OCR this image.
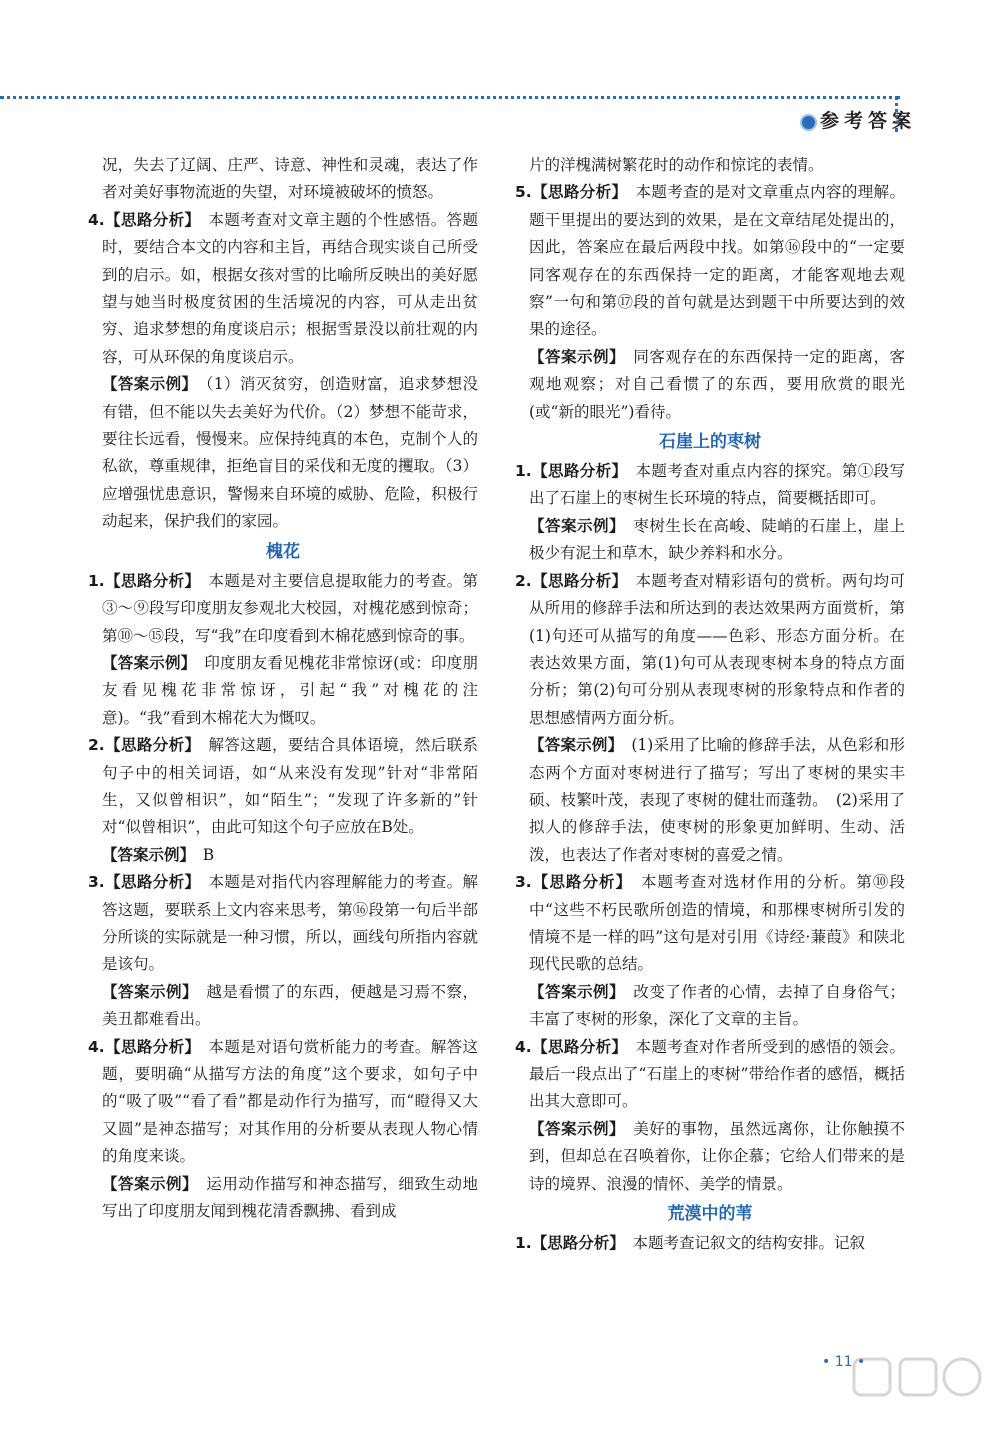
参考答案

况，失去了辽阔、庄严、诗意、神性和灵魂，表达了作者对美好事物流逝的失望，对环境被破坏的愤怒。

4.【思路分析】　 本题考查对文章主题的个性感悟。答题时，要结合本文的内容和主旨，再结合现实谈自己所受到的启示。如，根据女孩对雪的比喻所反映出的美好愿望与她当时极度贫困的生活境况的内容，可从走出贫穷、追求梦想的角度谈启示；根据雪景没以前壮观的内容，可从环保的角度谈启示。

【答案示例】　 （1）消灭贫穷，创造财富，追求梦想没有错，但不能以失去美好为代价。（2）梦想不能苛求，要往长远看，慢慢来。应保持纯真的本色，克制个人的私欲，尊重规律，拒绝盲目的采伐和无度的攫取。（3）应增强忧患意识，警惕来自环境的威胁、危险，积极行动起来，保护我们的家园。

槐花

1.【思路分析】　 本题是对主要信息提取能力的考查。第③～⑨段写印度朋友参观北大校园，对槐花感到惊奇；第⑩～⑮段，写“我”在印度看到木棉花感到惊奇的事。

【答案示例】　 印度朋友看见槐花非常惊讶(或：印度朋友看见槐花非常惊讶，引起“我”对槐花的注意)。“我”看到木棉花大为慨叹。

2.【思路分析】　 解答这题，要结合具体语境，然后联系句子中的相关词语，如“从来没有发现”针对“非常陌生，又似曾相识”，如“陌生”；“发现了许多新的”针对“似曾相识”，由此可知这个句子应放在B处。

【答案示例】　 B

3.【思路分析】　 本题是对指代内容理解能力的考查。解答这题，要联系上文内容来思考，第⑯段第一句后半部分所谈的实际就是一种习惯，所以，画线句所指内容就是该句。

【答案示例】　 越是看惯了的东西，便越是习焉不察，美丑都难看出。

4.【思路分析】　 本题是对语句赏析能力的考查。解答这题，要明确“从描写方法的角度”这个要求，如句子中的“吸了吸”“看了看”都是动作行为描写，而“瞪得又大又圆”是神态描写；对其作用的分析要从表现人物心情的角度来谈。

【答案示例】　 运用动作描写和神态描写，细致生动地写出了印度朋友闻到槐花清香飘拂、看到成

片的洋槐满树繁花时的动作和惊诧的表情。

5.【思路分析】　 本题考查的是对文章重点内容的理解。题干里提出的要达到的效果，是在文章结尾处提出的，因此，答案应在最后两段中找。如第⑯段中的“一定要同客观存在的东西保持一定的距离，才能客观地去观察”一句和第⑰段的首句就是达到题干中所要达到的效果的途径。

【答案示例】　 同客观存在的东西保持一定的距离，客观地观察；对自己看惯了的东西，要用欣赏的眼光(或“新的眼光”)看待。

石崖上的枣树

1.【思路分析】　 本题考查对重点内容的探究。第①段写出了石崖上的枣树生长环境的特点，简要概括即可。

【答案示例】　 枣树生长在高峻、陡峭的石崖上，崖上极少有泥土和草木，缺少养料和水分。

2.【思路分析】　 本题考查对精彩语句的赏析。两句均可从所用的修辞手法和所达到的表达效果两方面赏析，第(1)句还可从描写的角度——色彩、形态方面分析。在表达效果方面，第(1)句可从表现枣树本身的特点方面分析；第(2)句可分别从表现枣树的形象特点和作者的思想感情两方面分析。

【答案示例】　 (1)采用了比喻的修辞手法，从色彩和形态两个方面对枣树进行了描写；写出了枣树的果实丰硕、枝繁叶茂，表现了枣树的健壮而蓬勃。　(2)采用了拟人的修辞手法，使枣树的形象更加鲜明、生动、活泼，也表达了作者对枣树的喜爱之情。

3.【思路分析】　 本题考查对选材作用的分析。第⑩段中“这些不朽民歌所创造的情境，和那棵枣树所引发的情境不是一样的吗”这句是对引用《诗经·蒹葭》和陕北现代民歌的总结。

【答案示例】　 改变了作者的心情，去掉了自身俗气；丰富了枣树的形象，深化了文章的主旨。

4.【思路分析】　 本题考查对作者所受到的感悟的领会。最后一段点出了“石崖上的枣树”带给作者的感悟，概括出其大意即可。

【答案示例】　 美好的事物，虽然远离你，让你触摸不到，但却总在召唤着你，让你企慕；它给人们带来的是诗的境界、浪漫的情怀、美学的情景。

荒漠中的苇

1.【思路分析】　 本题考查记叙文的结构安排。记叙

• 11 •
